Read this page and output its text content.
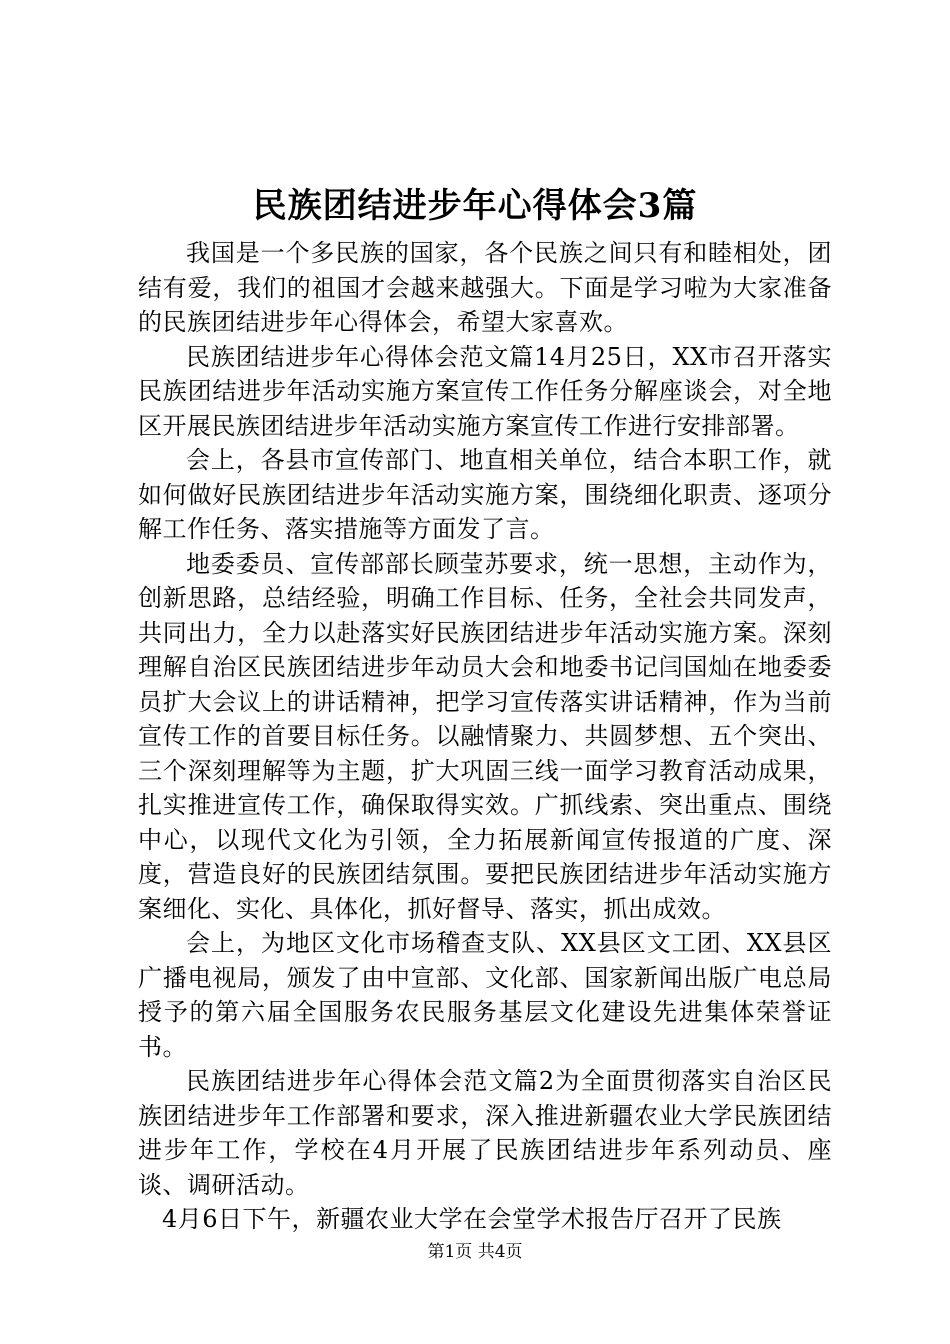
民族团结进步年心得体会3篇

我国是一个多民族的国家，各个民族之间只有和睦相处，团结有爱，我们的祖国才会越来越强大。下面是学习啦为大家准备的民族团结进步年心得体会，希望大家喜欢。

民族团结进步年心得体会范文篇14月25日，XX市召开落实民族团结进步年活动实施方案宣传工作任务分解座谈会，对全地区开展民族团结进步年活动实施方案宣传工作进行安排部署。

会上，各县市宣传部门、地直相关单位，结合本职工作，就如何做好民族团结进步年活动实施方案，围绕细化职责、逐项分解工作任务、落实措施等方面发了言。

地委委员、宣传部部长顾莹苏要求，统一思想，主动作为，创新思路，总结经验，明确工作目标、任务，全社会共同发声，共同出力，全力以赴落实好民族团结进步年活动实施方案。深刻理解自治区民族团结进步年动员大会和地委书记闫国灿在地委委员扩大会议上的讲话精神，把学习宣传落实讲话精神，作为当前宣传工作的首要目标任务。以融情聚力、共圆梦想、五个突出、三个深刻理解等为主题，扩大巩固三线一面学习教育活动成果，扎实推进宣传工作，确保取得实效。广抓线索、突出重点、围绕中心，以现代文化为引领，全力拓展新闻宣传报道的广度、深度，营造良好的民族团结氛围。要把民族团结进步年活动实施方案细化、实化、具体化，抓好督导、落实，抓出成效。

会上，为地区文化市场稽查支队、XX县区文工团、XX县区广播电视局，颁发了由中宣部、文化部、国家新闻出版广电总局授予的第六届全国服务农民服务基层文化建设先进集体荣誉证书。

民族团结进步年心得体会范文篇2为全面贯彻落实自治区民族团结进步年工作部署和要求，深入推进新疆农业大学民族团结进步年工作，学校在4月开展了民族团结进步年系列动员、座谈、调研活动。

4月6日下午，新疆农业大学在会堂学术报告厅召开了民族

第1页 共4页
